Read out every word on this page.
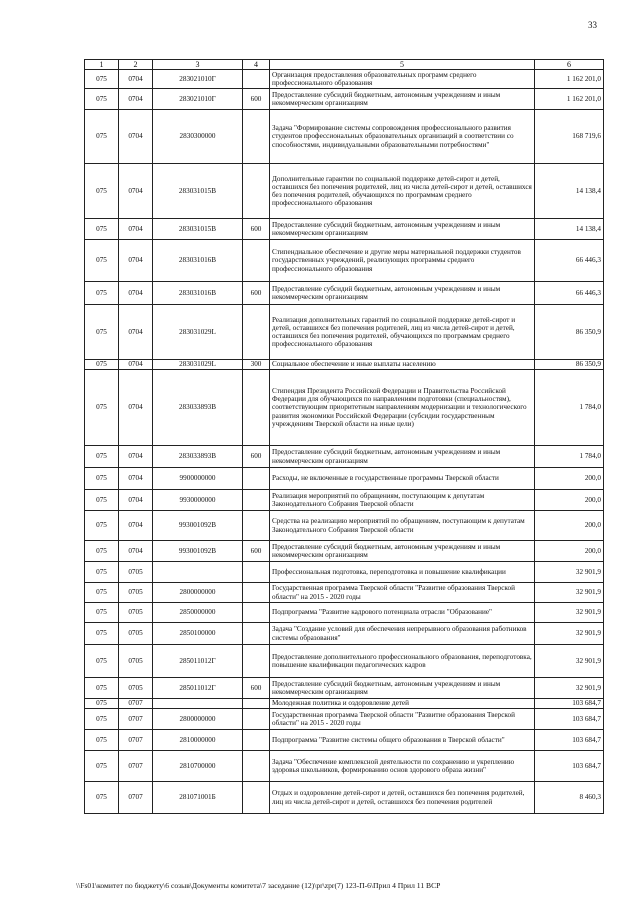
33
1	2	3	4	5	6
075	0704	283021010Г		Организация предоставления образовательных программ среднего профессионального образования	1 162 201,0
075	0704	283021010Г	600	Предоставление субсидий бюджетным, автономным учреждениям и иным некоммерческим организациям	1 162 201,0
075	0704	2830300000		Задача "Формирование системы сопровождения профессионального развития студентов профессиональных образовательных организаций в соответствии со способностями, индивидуальными образовательными потребностями"	168 719,6
075	0704	283031015В		Дополнительные гарантии по социальной поддержке детей-сирот и детей, оставшихся без попечения родителей, лиц из числа детей-сирот и детей, оставшихся без попечения родителей, обучающихся по программам среднего профессионального образования	14 138,4
075	0704	283031015В	600	Предоставление субсидий бюджетным, автономным учреждениям и иным некоммерческим организациям	14 138,4
075	0704	283031016В		Стипендиальное обеспечение и другие меры материальной поддержки студентов государственных учреждений, реализующих программы среднего профессионального образования	66 446,3
075	0704	283031016В	600	Предоставление субсидий бюджетным, автономным учреждениям и иным некоммерческим организациям	66 446,3
075	0704	283031029L		Реализация дополнительных гарантий по социальной поддержке детей-сирот и детей, оставшихся без попечения родителей, лиц из числа детей-сирот и детей, оставшихся без попечения родителей, обучающихся по программам среднего профессионального образования	86 350,9
075	0704	283031029L	300	Социальное обеспечение и иные выплаты населению	86 350,9
075	0704	283033893В		Стипендия Президента Российской Федерации и Правительства Российской Федерации для обучающихся по направлениям подготовки (специальностям), соответствующим приоритетным направлениям модернизации и технологического развития экономики Российской Федерации (субсидии государственным учреждениям Тверской области на иные цели)	1 784,0
075	0704	283033893В	600	Предоставление субсидий бюджетным, автономным учреждениям и иным некоммерческим организациям	1 784,0
075	0704	9900000000		Расходы, не включенные в государственные программы Тверской области	200,0
075	0704	9930000000		Реализация мероприятий по обращениям, поступающим к депутатам Законодательного Собрания Тверской области	200,0
075	0704	993001092В		Средства на реализацию мероприятий по обращениям, поступающим к депутатам Законодательного Собрания Тверской области	200,0
075	0704	993001092В	600	Предоставление субсидий бюджетным, автономным учреждениям и иным некоммерческим организациям	200,0
075	0705			Профессиональная подготовка, переподготовка и повышение квалификации	32 901,9
075	0705	2800000000		Государственная программа Тверской области "Развитие образования Тверской области" на 2015 - 2020 годы	32 901,9
075	0705	2850000000		Подпрограмма "Развитие кадрового потенциала отрасли "Образование"	32 901,9
075	0705	2850100000		Задача "Создание условий для обеспечения непрерывного образования работников системы образования"	32 901,9
075	0705	285011012Г		Предоставление дополнительного профессионального образования, переподготовка, повышение квалификации педагогических кадров	32 901,9
075	0705	285011012Г	600	Предоставление субсидий бюджетным, автономным учреждениям и иным некоммерческим организациям	32 901,9
075	0707			Молодежная политика и оздоровление детей	103 684,7
075	0707	2800000000		Государственная программа Тверской области "Развитие образования Тверской области" на 2015 - 2020 годы	103 684,7
075	0707	2810000000		Подпрограмма "Развитие системы общего образования в Тверской области"	103 684,7
075	0707	2810700000		Задача "Обеспечение комплексной деятельности по сохранению и укреплению здоровья школьников, формированию основ здорового образа жизни"	103 684,7
075	0707	281071001Б		Отдых и оздоровление детей-сирот и детей, оставшихся без попечения родителей, лиц из числа детей-сирот и детей, оставшихся без попечения родителей	8 460,3
\\Fs01\комитет по бюджету\6 созыв\Документы комитета\7 заседание (12)\pr\zpr(7) 123-П-6\Прил 4 Прил 11 ВСР
